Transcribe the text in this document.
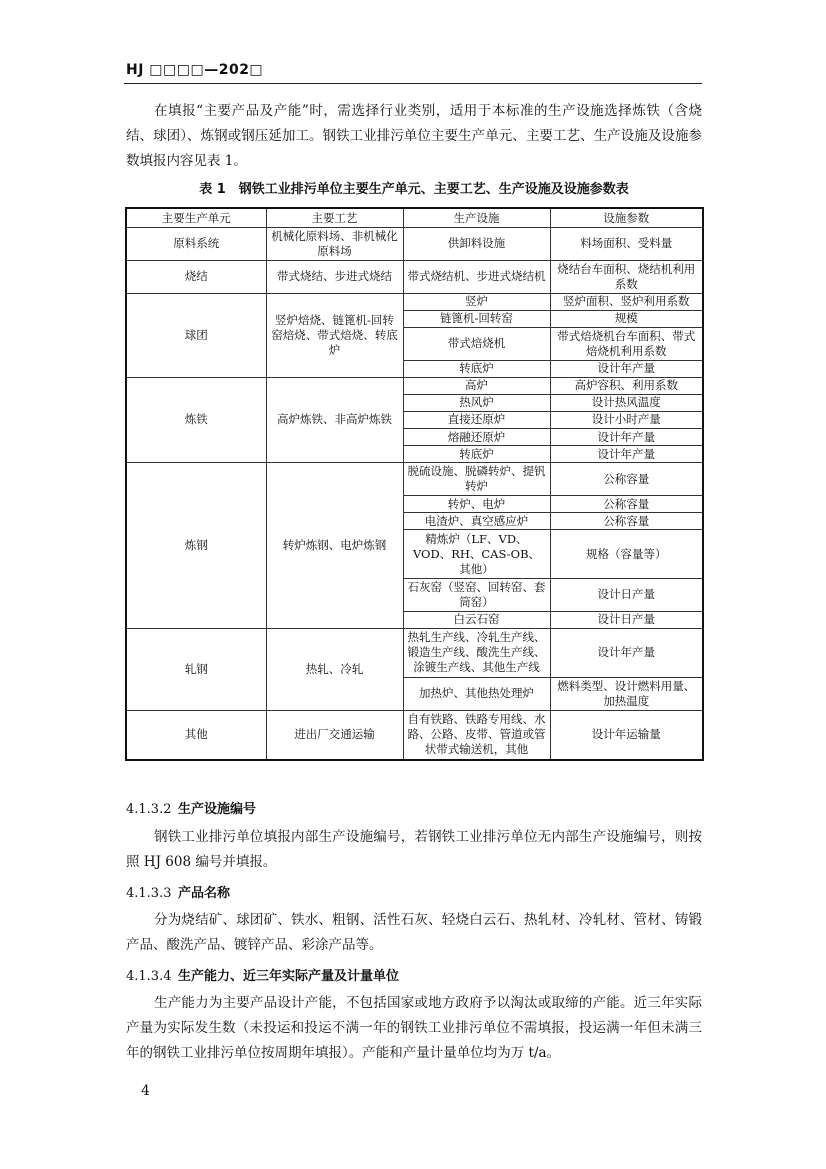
HJ □□□□—202□

在填报“主要产品及产能”时，需选择行业类别，适用于本标准的生产设施选择炼铁（含烧结、球团）、炼钢或钢压延加工。钢铁工业排污单位主要生产单元、主要工艺、生产设施及设施参数填报内容见表 1。

表 1　钢铁工业排污单位主要生产单元、主要工艺、生产设施及设施参数表
主要生产单元	主要工艺	生产设施	设施参数
原料系统	机械化原料场、非机械化原料场	供卸料设施	料场面积、受料量
烧结	带式烧结、步进式烧结	带式烧结机、步进式烧结机	烧结台车面积、烧结机利用系数
球团	竖炉焙烧、链篦机-回转窑焙烧、带式焙烧、转底炉	竖炉	竖炉面积、竖炉利用系数
		链篦机-回转窑	规模
		带式焙烧机	带式焙烧机台车面积、带式焙烧机利用系数
		转底炉	设计年产量
炼铁	高炉炼铁、非高炉炼铁	高炉	高炉容积、利用系数
		热风炉	设计热风温度
		直接还原炉	设计小时产量
		熔融还原炉	设计年产量
		转底炉	设计年产量
炼钢	转炉炼钢、电炉炼钢	脱硫设施、脱磷转炉、提钒转炉	公称容量
		转炉、电炉	公称容量
		电渣炉、真空感应炉	公称容量
		精炼炉（LF、VD、VOD、RH、CAS-OB、其他）	规格（容量等）
		石灰窑（竖窑、回转窑、套筒窑）	设计日产量
		白云石窑	设计日产量
轧钢	热轧、冷轧	热轧生产线、冷轧生产线、锻造生产线、酸洗生产线、涂镀生产线、其他生产线	设计年产量
		加热炉、其他热处理炉	燃料类型、设计燃料用量、加热温度
其他	进出厂交通运输	自有铁路、铁路专用线、水路、公路、皮带、管道或管状带式输送机，其他	设计年运输量
4.1.3.2 生产设施编号

钢铁工业排污单位填报内部生产设施编号，若钢铁工业排污单位无内部生产设施编号，则按照 HJ 608 编号并填报。

4.1.3.3 产品名称

分为烧结矿、球团矿、铁水、粗钢、活性石灰、轻烧白云石、热轧材、冷轧材、管材、铸锻产品、酸洗产品、镀锌产品、彩涂产品等。

4.1.3.4 生产能力、近三年实际产量及计量单位

生产能力为主要产品设计产能，不包括国家或地方政府予以淘汰或取缔的产能。近三年实际产量为实际发生数（未投运和投运不满一年的钢铁工业排污单位不需填报，投运满一年但未满三年的钢铁工业排污单位按周期年填报）。产能和产量计量单位均为万 t/a。

4
